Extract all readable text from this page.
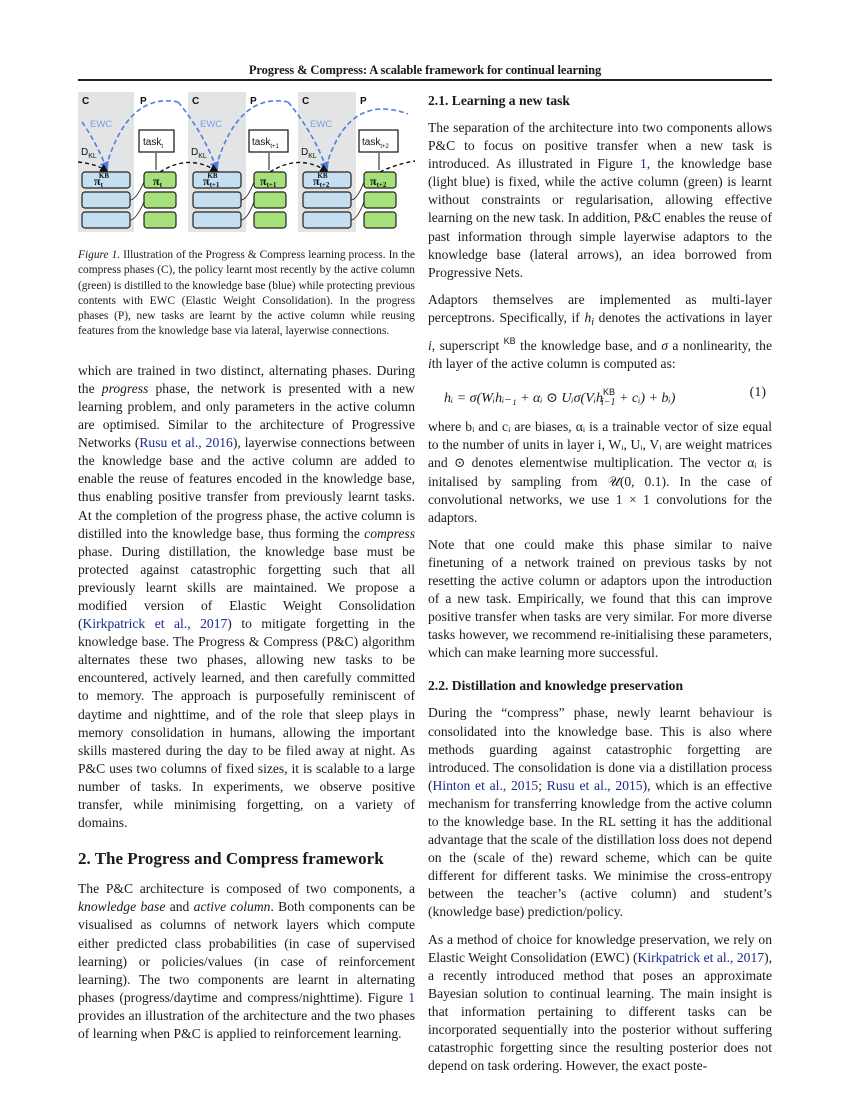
Progress & Compress: A scalable framework for continual learning
C	P	C	P	C	P
EWC	EWC	EWC
$D_{KL}$	$D_{KL}$	$D_{KL}$
task$_t$	task$_{t+1}$	task$_{t+2}$
πtKB	πt	πt+1KB	πt+1	πt+2KB	πt+2

Figure 1. Illustration of the Progress & Compress learning process. In the compress phases (C), the policy learnt most recently by the active column (green) is distilled to the knowledge base (blue) while protecting previous contents with EWC (Elastic Weight Consolidation). In the progress phases (P), new tasks are learnt by the active column while reusing features from the knowledge base via lateral, layerwise connections.

which are trained in two distinct, alternating phases. During the progress phase, the network is presented with a new learning problem, and only parameters in the active column are optimised. Similar to the architecture of Progressive Networks (Rusu et al., 2016), layerwise connections between the knowledge base and the active column are added to enable the reuse of features encoded in the knowledge base, thus enabling positive transfer from previously learnt tasks. At the completion of the progress phase, the active column is distilled into the knowledge base, thus forming the compress phase. During distillation, the knowledge base must be protected against catastrophic forgetting such that all previously learnt skills are maintained. We propose a modified version of Elastic Weight Consolidation (Kirkpatrick et al., 2017) to mitigate forgetting in the knowledge base. The Progress & Compress (P&C) algorithm alternates these two phases, allowing new tasks to be encountered, actively learned, and then carefully committed to memory. The approach is purposefully reminiscent of daytime and nighttime, and of the role that sleep plays in memory consolidation in humans, allowing the important skills mastered during the day to be filed away at night. As P&C uses two columns of fixed sizes, it is scalable to a large number of tasks. In experiments, we observe positive transfer, while minimising forgetting, on a variety of domains.

2. The Progress and Compress framework

The P&C architecture is composed of two components, a knowledge base and active column. Both components can be visualised as columns of network layers which compute either predicted class probabilities (in case of supervised learning) or policies/values (in case of reinforcement learning). The two components are learnt in alternating phases (progress/daytime and compress/nighttime). Figure 1 provides an illustration of the architecture and the two phases of learning when P&C is applied to reinforcement learning.

2.1. Learning a new task

The separation of the architecture into two components allows P&C to focus on positive transfer when a new task is introduced. As illustrated in Figure 1, the knowledge base (light blue) is fixed, while the active column (green) is learnt without constraints or regularisation, allowing effective learning on the new task. In addition, P&C enables the reuse of past information through simple layerwise adaptors to the knowledge base (lateral arrows), an idea borrowed from Progressive Nets.

Adaptors themselves are implemented as multi-layer perceptrons. Specifically, if $h_i$ denotes the activations in layer i, superscript $^{KB}$ the knowledge base, and σ a nonlinearity, the ith layer of the active column is computed as:

hᵢ = σ(Wᵢhᵢ₋₁ + αᵢ ⊙ Uᵢσ(Vᵢh$^{KB}_{i-1}$ + cᵢ) + bᵢ)	(1)

where bᵢ and cᵢ are biases, αᵢ is a trainable vector of size equal to the number of units in layer i, Wᵢ, Uᵢ, Vᵢ are weight matrices and ⊙ denotes elementwise multiplication. The vector αᵢ is initalised by sampling from 𝒰(0, 0.1). In the case of convolutional networks, we use 1 × 1 convolutions for the adaptors.

Note that one could make this phase similar to naive finetuning of a network trained on previous tasks by not resetting the active column or adaptors upon the introduction of a new task. Empirically, we found that this can improve positive transfer when tasks are very similar. For more diverse tasks however, we recommend re-initialising these parameters, which can make learning more successful.

2.2. Distillation and knowledge preservation

During the “compress” phase, newly learnt behaviour is consolidated into the knowledge base. This is also where methods guarding against catastrophic forgetting are introduced. The consolidation is done via a distillation process (Hinton et al., 2015; Rusu et al., 2015), which is an effective mechanism for transferring knowledge from the active column to the knowledge base. In the RL setting it has the additional advantage that the scale of the distillation loss does not depend on the (scale of the) reward scheme, which can be quite different for different tasks. We minimise the cross-entropy between the teacher’s (active column) and student’s (knowledge base) prediction/policy.

As a method of choice for knowledge preservation, we rely on Elastic Weight Consolidation (EWC) (Kirkpatrick et al., 2017), a recently introduced method that poses an approximate Bayesian solution to continual learning. The main insight is that information pertaining to different tasks can be incorporated sequentially into the posterior without suffering catastrophic forgetting since the resulting posterior does not depend on task ordering. However, the exact poste-
